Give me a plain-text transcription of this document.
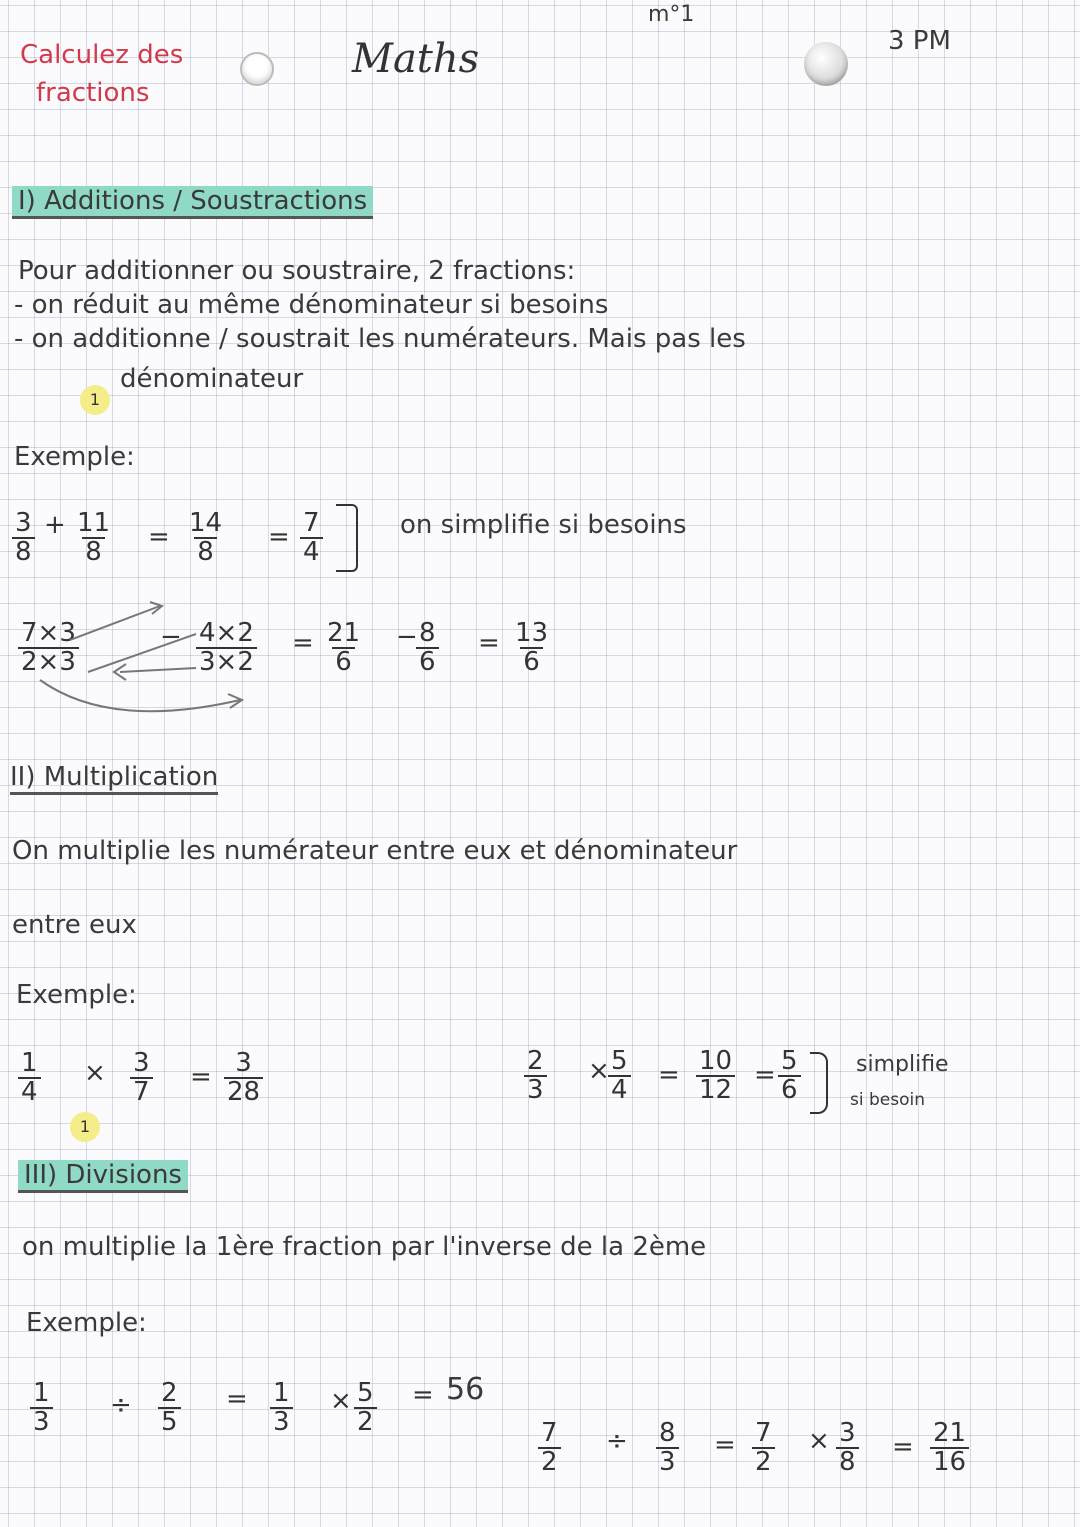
Calculez des
fractions
Maths
m°1
3 PM
I) Additions / Soustractions
Pour additionner ou soustraire, 2 fractions:
- on réduit au même dénominateur si besoins
- on additionne / soustrait les numérateurs. Mais pas les
1
dénominateur
Exemple:
$\frac{3}{8} + \frac{11}{8} = \frac{14}{8} = \frac{7}{4}$	on simplifie si besoins
$\frac{7\times 3}{2\times 3}$	− $\frac{4\times 2}{3\times 2} = \frac{21}{6}$ −
$\frac{8}{6} = \frac{13}{6}$
II) Multiplication
On multiplie les numérateur entre eux et dénominateur
entre eux
Exemple:
$\frac{1}{4} \times \frac{3}{7} = \frac{3}{28}$
1
$\frac{2}{3}$ ×
$\frac{5}{4} = \frac{10}{12} = \frac{5}{6}$	simplifie
si besoin
III) Divisions
on multiplie la 1ère fraction par l'inverse de la 2ème
Exemple:
$\frac{1}{3} \div \frac{2}{5} = \frac{1}{3} \times \frac{5}{2} = 56$
$\frac{7}{2} \div \frac{8}{3} = \frac{7}{2} \times \frac{3}{8} = \frac{21}{16}$
